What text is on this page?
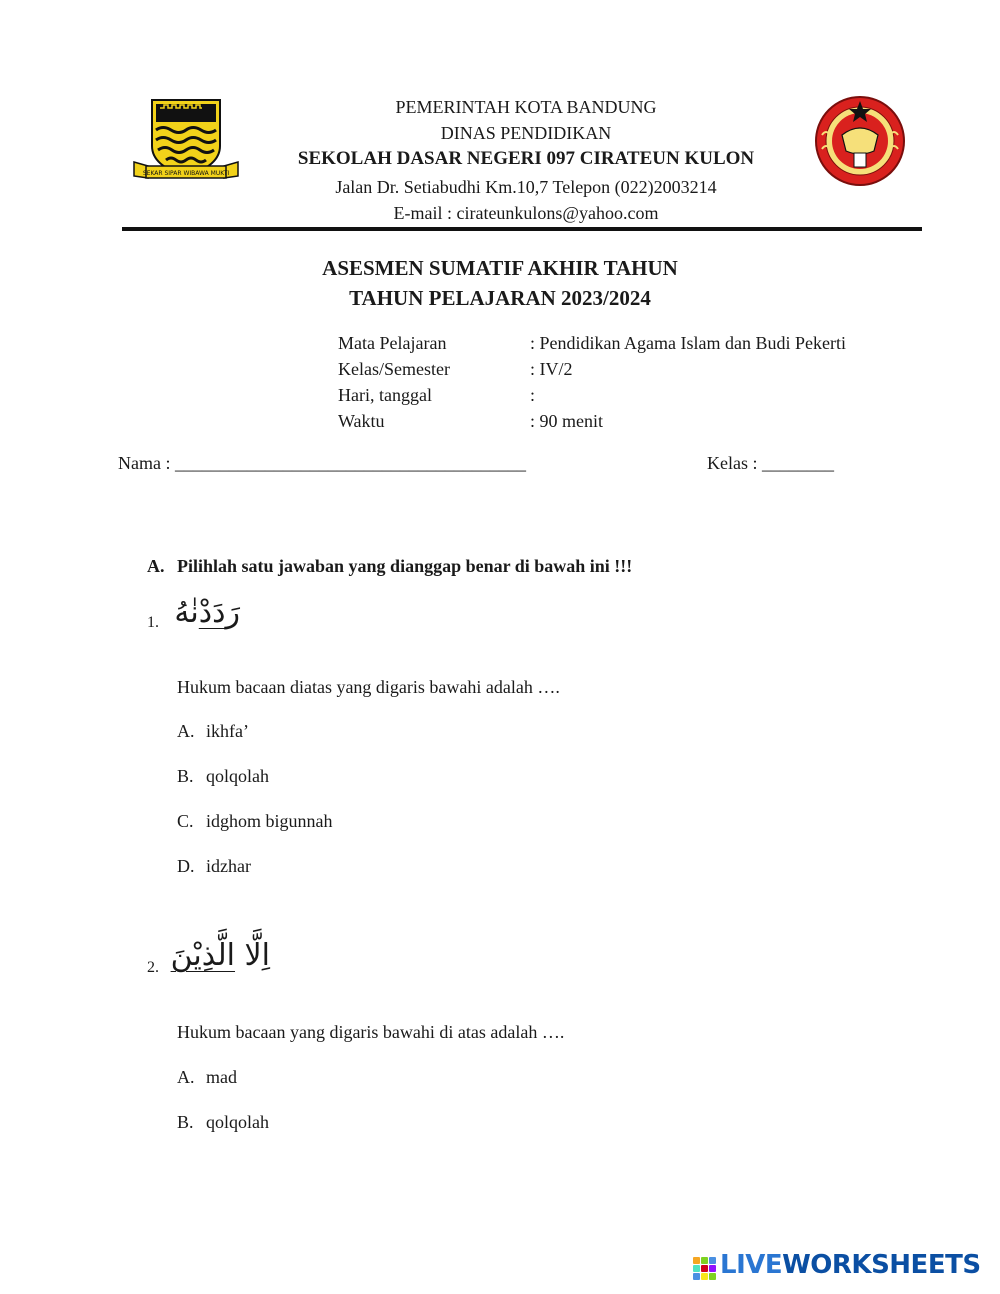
SEKAR SIPAR WIBAWA MUKTI
PEMERINTAH KOTA BANDUNG
DINAS PENDIDIKAN
SEKOLAH DASAR NEGERI 097 CIRATEUN KULON
Jalan Dr. Setiabudhi Km.10,7 Telepon (022)2003214
E-mail : cirateunkulons@yahoo.com
ASESMEN SUMATIF AKHIR TAHUN
TAHUN PELAJARAN 2023/2024
Mata Pelajaran	: Pendidikan Agama Islam dan Budi Pekerti
Kelas/Semester	: IV/2
Hari, tanggal	:
Waktu	: 90 menit
Nama : _______________________________________	Kelas : ________
A. Pilihlah satu jawaban yang dianggap benar di bawah ini !!!
1.	رَدَدْنٰهُ
Hukum bacaan diatas yang digaris bawahi adalah ….
A. ikhfa’
B. qolqolah
C. idghom bigunnah
D. idzhar
2.	اِلَّا الَّذِيْنَ
Hukum bacaan yang digaris bawahi di atas adalah ….
A. mad
B. qolqolah
LIVEWORKSHEETS
